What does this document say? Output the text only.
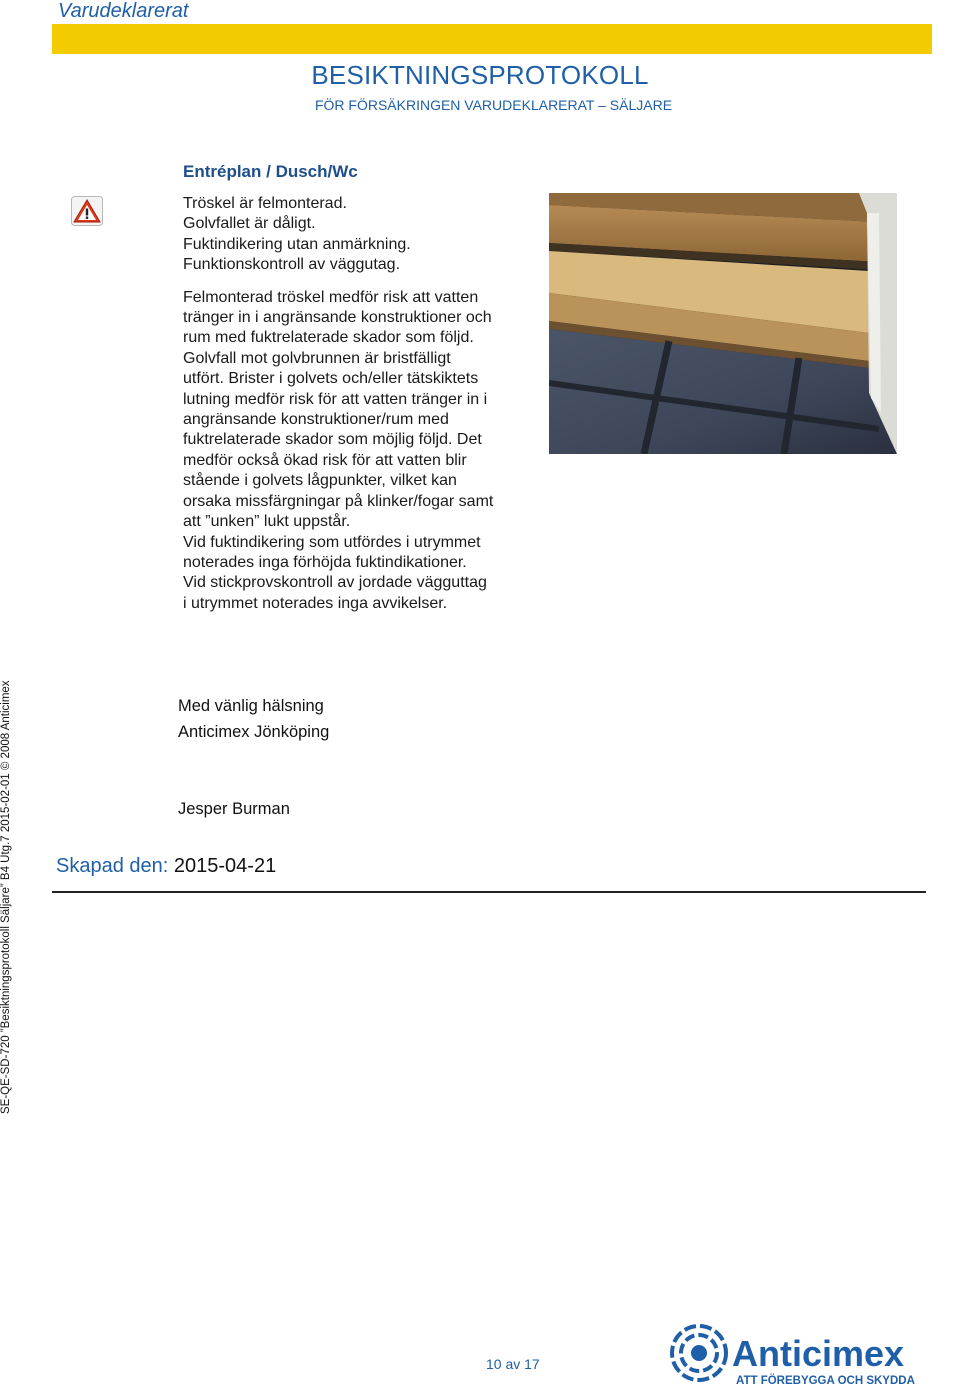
Varudeklarerat
BESIKTNINGSPROTOKOLL
FÖR FÖRSÄKRINGEN VARUDEKLARERAT – SÄLJARE
Entréplan / Dusch/Wc

Tröskel är felmonterad.

Golvfallet är dåligt.

Fuktindikering utan anmärkning.

Funktionskontroll av väggutag.

Felmonterad tröskel medför risk att vatten

tränger in i angränsande konstruktioner och

rum med fuktrelaterade skador som följd.

Golvfall mot golvbrunnen är bristfälligt

utfört. Brister i golvets och/eller tätskiktets

lutning medför risk för att vatten tränger in i

angränsande konstruktioner/rum med

fuktrelaterade skador som möjlig följd. Det

medför också ökad risk för att vatten blir

stående i golvets lågpunkter, vilket kan

orsaka missfärgningar på klinker/fogar samt

att ”unken” lukt uppstår.

Vid fuktindikering som utfördes i utrymmet

noterades inga förhöjda fuktindikationer.

Vid stickprovskontroll av jordade vägguttag

i utrymmet noterades inga avvikelser.

Med vänlig hälsning
Anticimex Jönköping
Jesper Burman
Skapad den: 2015-04-21
SE-QE-SD-720 ”Besiktningsprotokoll Säljare” B4 Utg.7 2015-02-01 © 2008 Anticimex
10 av 17	Anticimex
ATT FÖREBYGGA OCH SKYDDA
